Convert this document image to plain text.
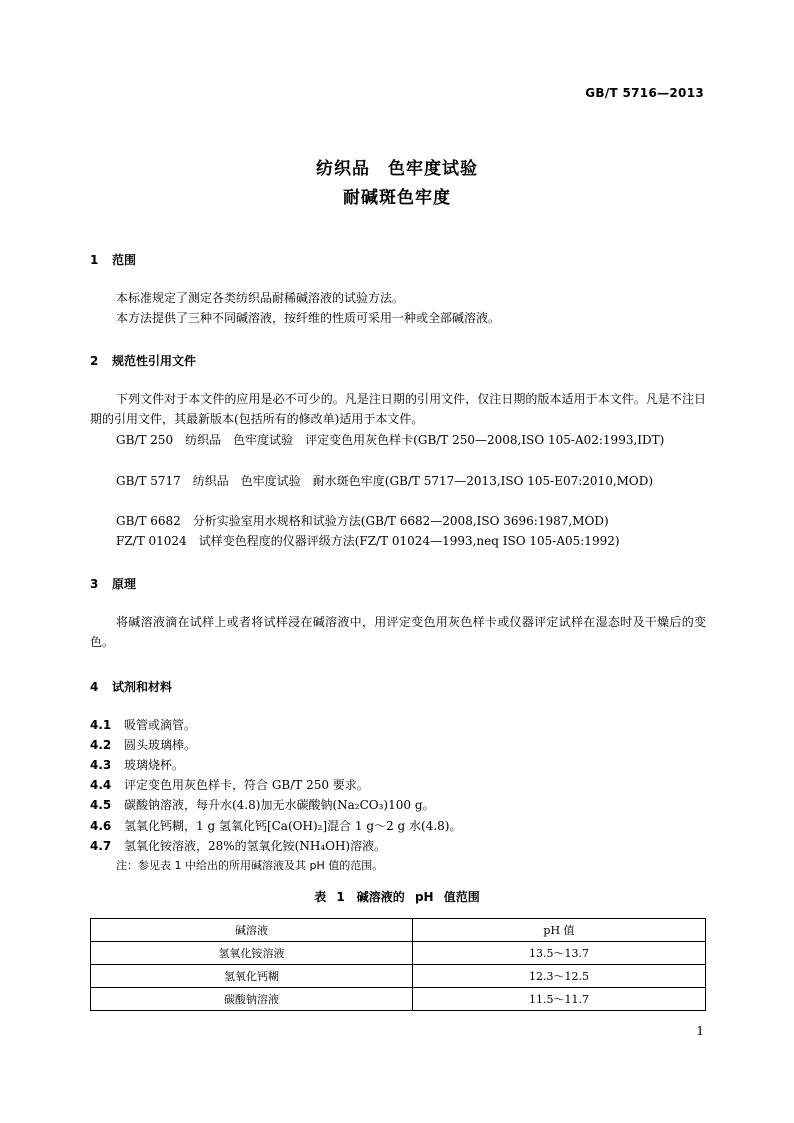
GB/T 5716—2013
纺织品　色牢度试验
耐碱斑色牢度
1 范围
本标准规定了测定各类纺织品耐稀碱溶液的试验方法。
本方法提供了三种不同碱溶液，按纤维的性质可采用一种或全部碱溶液。
2 规范性引用文件
下列文件对于本文件的应用是必不可少的。凡是注日期的引用文件，仅注日期的版本适用于本文件。凡是不注日期的引用文件，其最新版本(包括所有的修改单)适用于本文件。
GB/T 250　纺织品　色牢度试验　评定变色用灰色样卡(GB/T 250—2008,ISO 105-A02:1993,IDT)
GB/T 5717　纺织品　色牢度试验　耐水斑色牢度(GB/T 5717—2013,ISO 105-E07:2010,MOD)
GB/T 6682　分析实验室用水规格和试验方法(GB/T 6682—2008,ISO 3696:1987,MOD)
FZ/T 01024　试样变色程度的仪器评级方法(FZ/T 01024—1993,neq ISO 105-A05:1992)
3 原理
将碱溶液滴在试样上或者将试样浸在碱溶液中，用评定变色用灰色样卡或仪器评定试样在湿态时及干燥后的变色。
4 试剂和材料
4.1 吸管或滴管。
4.2 圆头玻璃棒。
4.3 玻璃烧杯。
4.4 评定变色用灰色样卡，符合 GB/T 250 要求。
4.5 碳酸钠溶液，每升水(4.8)加无水碳酸钠(Na₂CO₃)100 g。
4.6 氢氧化钙糊，1 g 氢氧化钙[Ca(OH)₂]混合 1 g～2 g 水(4.8)。
4.7 氢氧化铵溶液，28%的氢氧化铵(NH₄OH)溶液。
注：参见表 1 中给出的所用碱溶液及其 pH 值的范围。
表 1　碱溶液的 pH 值范围
碱溶液	pH 值
氢氧化铵溶液	13.5～13.7
氢氧化钙糊	12.3～12.5
碳酸钠溶液	11.5～11.7
1
